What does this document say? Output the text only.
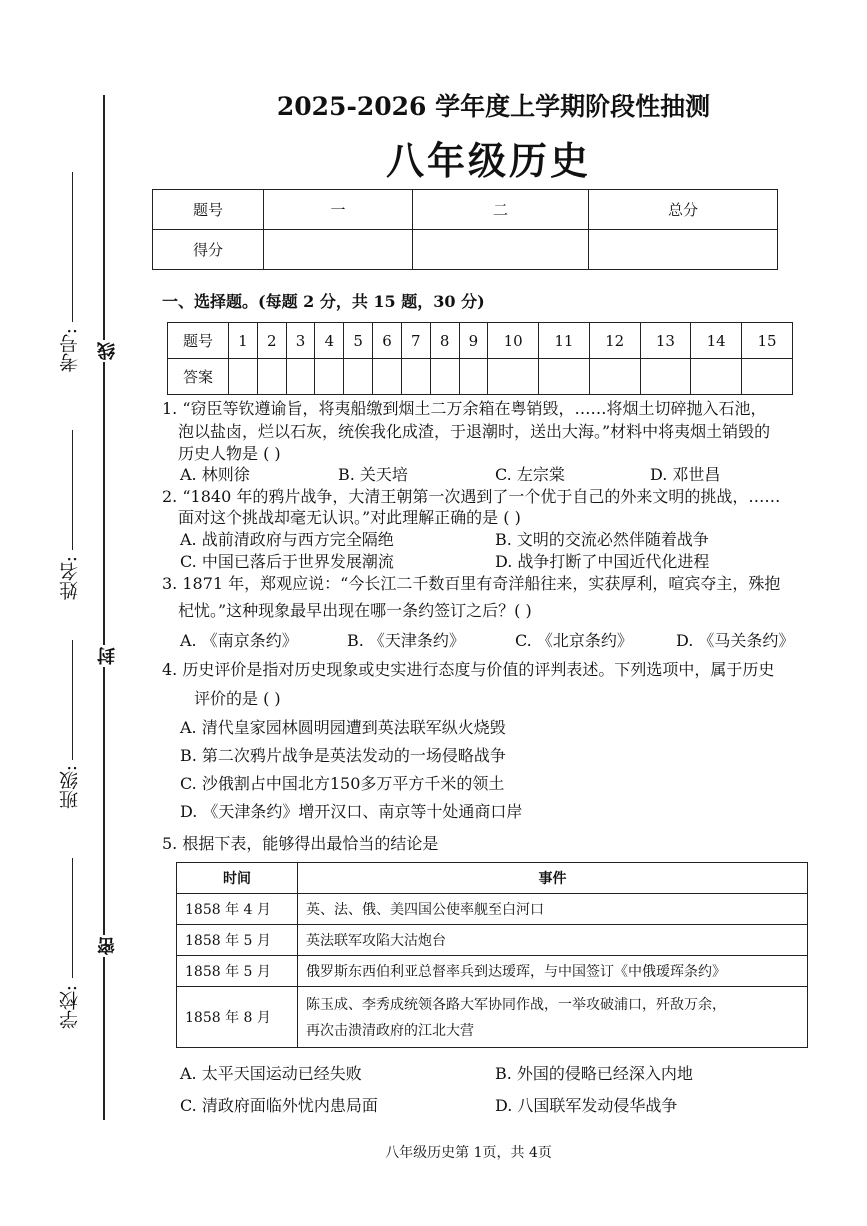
考号:
姓名:
班级:
学校:
线
封
密
2025-2026 学年度上学期阶段性抽测
八年级历史
题号	一	二	总分
得分			
一、选择题。(每题 2 分，共 15 题，30 分)
题号	1	2	3	4	5	6	7	8	9	10	11	12	13	14	15
答案															
1. “窃臣等钦遵谕旨，将夷船缴到烟土二万余箱在粤销毁，……将烟土切碎抛入石池，
泡以盐卤，烂以石灰，统俟我化成渣，于退潮时，送出大海。”材料中将夷烟土销毁的
历史人物是 ( )
A. 林则徐	B. 关天培	C. 左宗棠	D. 邓世昌
2. “1840 年的鸦片战争，大清王朝第一次遇到了一个优于自己的外来文明的挑战，……
面对这个挑战却毫无认识。”对此理解正确的是 ( )
A. 战前清政府与西方完全隔绝	B. 文明的交流必然伴随着战争
C. 中国已落后于世界发展潮流	D. 战争打断了中国近代化进程
3. 1871 年，郑观应说：“今长江二千数百里有奇洋船往来，实获厚利，喧宾夺主，殊抱
杞忧。”这种现象最早出现在哪一条约签订之后？( )
A. 《南京条约》	B. 《天津条约》	C. 《北京条约》	D. 《马关条约》
4. 历史评价是指对历史现象或史实进行态度与价值的评判表述。下列选项中，属于历史
评价的是 ( )
A. 清代皇家园林圆明园遭到英法联军纵火烧毁
B. 第二次鸦片战争是英法发动的一场侵略战争
C. 沙俄割占中国北方150多万平方千米的领土
D. 《天津条约》增开汉口、南京等十处通商口岸
5. 根据下表，能够得出最恰当的结论是
时间	事件
1858 年 4 月	英、法、俄、美四国公使率舰至白河口
1858 年 5 月	英法联军攻陷大沽炮台
1858 年 5 月	俄罗斯东西伯利亚总督率兵到达瑷珲，与中国签订《中俄瑷珲条约》
1858 年 8 月	陈玉成、李秀成统领各路大军协同作战，一举攻破浦口，歼敌万余，
再次击溃清政府的江北大营
A. 太平天国运动已经失败	B. 外国的侵略已经深入内地
C. 清政府面临外忧内患局面	D. 八国联军发动侵华战争
八年级历史第 1页，共 4页
